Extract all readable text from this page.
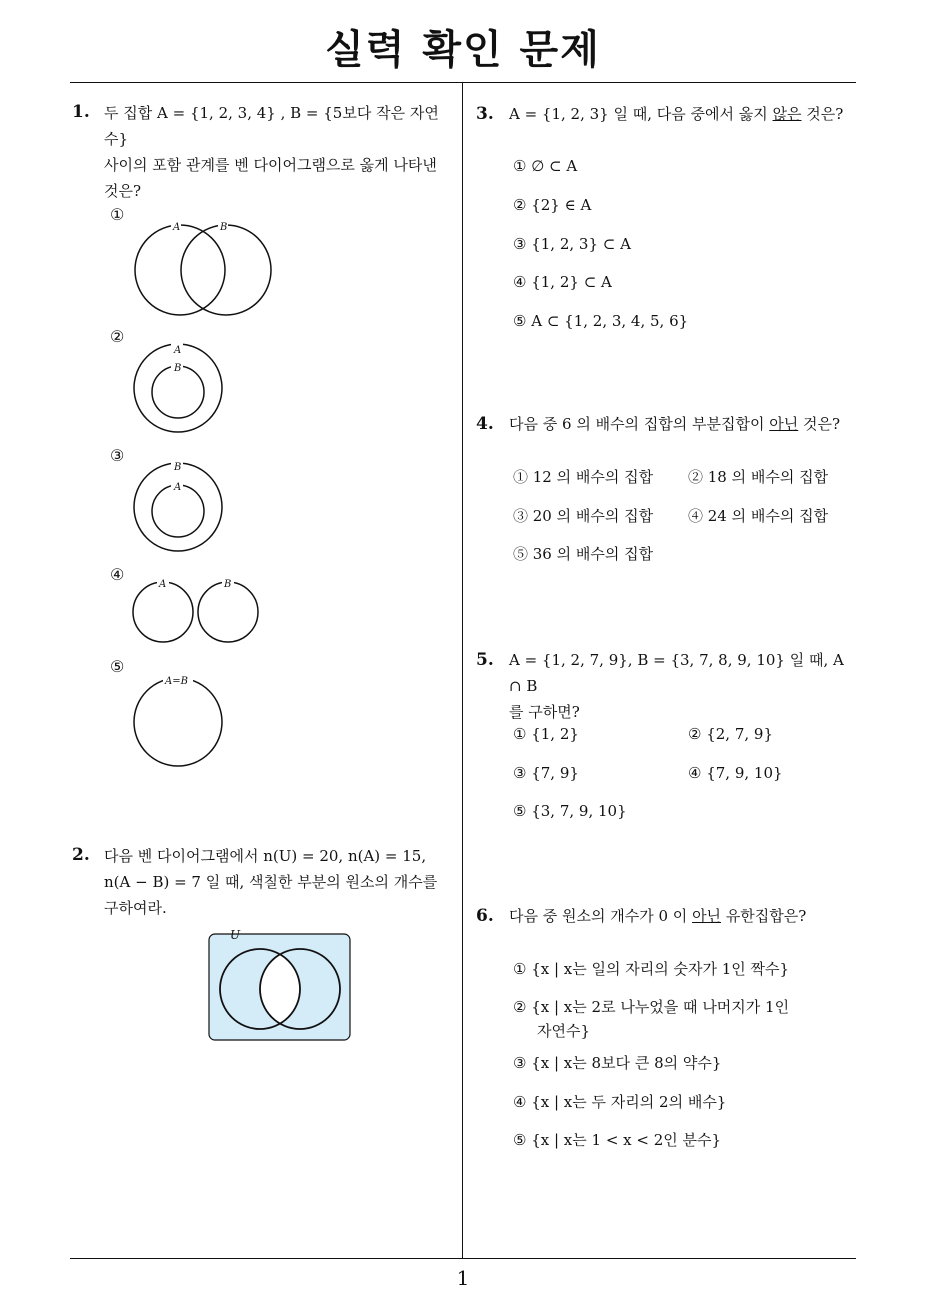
실력 확인 문제
1
1. 두 집합 A = {1, 2, 3, 4} , B = {5보다 작은 자연수}
사이의 포함 관계를 벤 다이어그램으로 옳게 나타낸
것은?
①
A	B
②
A
B
③
B
A
④
A	B
⑤
A=B
2. 다음 벤 다이어그램에서 n(U) = 20, n(A) = 15,
n(A − B) = 7 일 때, 색칠한 부분의 원소의 개수를
구하여라.
U
3. A = {1, 2, 3} 일 때, 다음 중에서 옳지 않은 것은?
① ∅ ⊂ A
② {2} ∈ A
③ {1, 2, 3} ⊂ A
④ {1, 2} ⊂ A
⑤ A ⊂ {1, 2, 3, 4, 5, 6}
4. 다음 중 6 의 배수의 집합의 부분집합이 아닌 것은?
① 12 의 배수의 집합 ② 18 의 배수의 집합
③ 20 의 배수의 집합 ④ 24 의 배수의 집합
⑤ 36 의 배수의 집합
5. A = {1, 2, 7, 9}, B = {3, 7, 8, 9, 10} 일 때, A ∩ B
를 구하면?
① {1, 2}	② {2, 7, 9}
③ {7, 9}	④ {7, 9, 10}
⑤ {3, 7, 9, 10}
6. 다음 중 원소의 개수가 0 이 아닌 유한집합은?
① {x | x는 일의 자리의 숫자가 1인 짝수}
② {x | x는 2로 나누었을 때 나머지가 1인
자연수}
③ {x | x는 8보다 큰 8의 약수}
④ {x | x는 두 자리의 2의 배수}
⑤ {x | x는 1 < x < 2인 분수}
